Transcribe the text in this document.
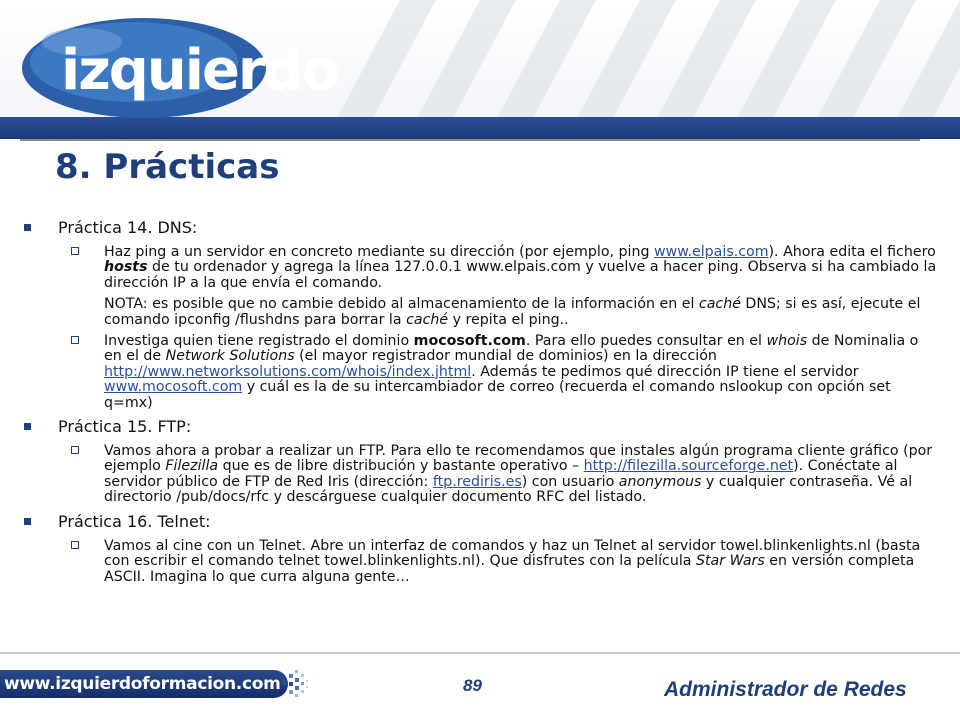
izquierdo
8. Prácticas
Práctica 14. DNS:
Haz ping a un servidor en concreto mediante su dirección (por ejemplo, ping www.elpais.com). Ahora edita el fichero hosts de tu ordenador y agrega la línea 127.0.0.1 www.elpais.com y vuelve a hacer ping. Observa si ha cambiado la dirección IP a la que envía el comando.
NOTA: es posible que no cambie debido al almacenamiento de la información en el caché DNS; si es así, ejecute el comando ipconfig /flushdns para borrar la caché y repita el ping..
Investiga quien tiene registrado el dominio mocosoft.com. Para ello puedes consultar en el whois de Nominalia o en el de Network Solutions (el mayor registrador mundial de dominios) en la dirección http://www.networksolutions.com/whois/index.jhtml. Además te pedimos qué dirección IP tiene el servidor www.mocosoft.com y cuál es la de su intercambiador de correo (recuerda el comando nslookup con opción set q=mx)
Práctica 15. FTP:
Vamos ahora a probar a realizar un FTP. Para ello te recomendamos que instales algún programa cliente gráfico (por ejemplo Filezilla que es de libre distribución y bastante operativo – http://filezilla.sourceforge.net). Conéctate al servidor público de FTP de Red Iris (dirección: ftp.rediris.es) con usuario anonymous y cualquier contraseña. Vé al directorio /pub/docs/rfc y descárguese cualquier documento RFC del listado.
Práctica 16. Telnet:
Vamos al cine con un Telnet. Abre un interfaz de comandos y haz un Telnet al servidor towel.blinkenlights.nl (basta con escribir el comando telnet towel.blinkenlights.nl). Que disfrutes con la película Star Wars en versión completa ASCII. Imagina lo que curra alguna gente…
www.izquierdoformacion.com	89	Administrador de Redes
